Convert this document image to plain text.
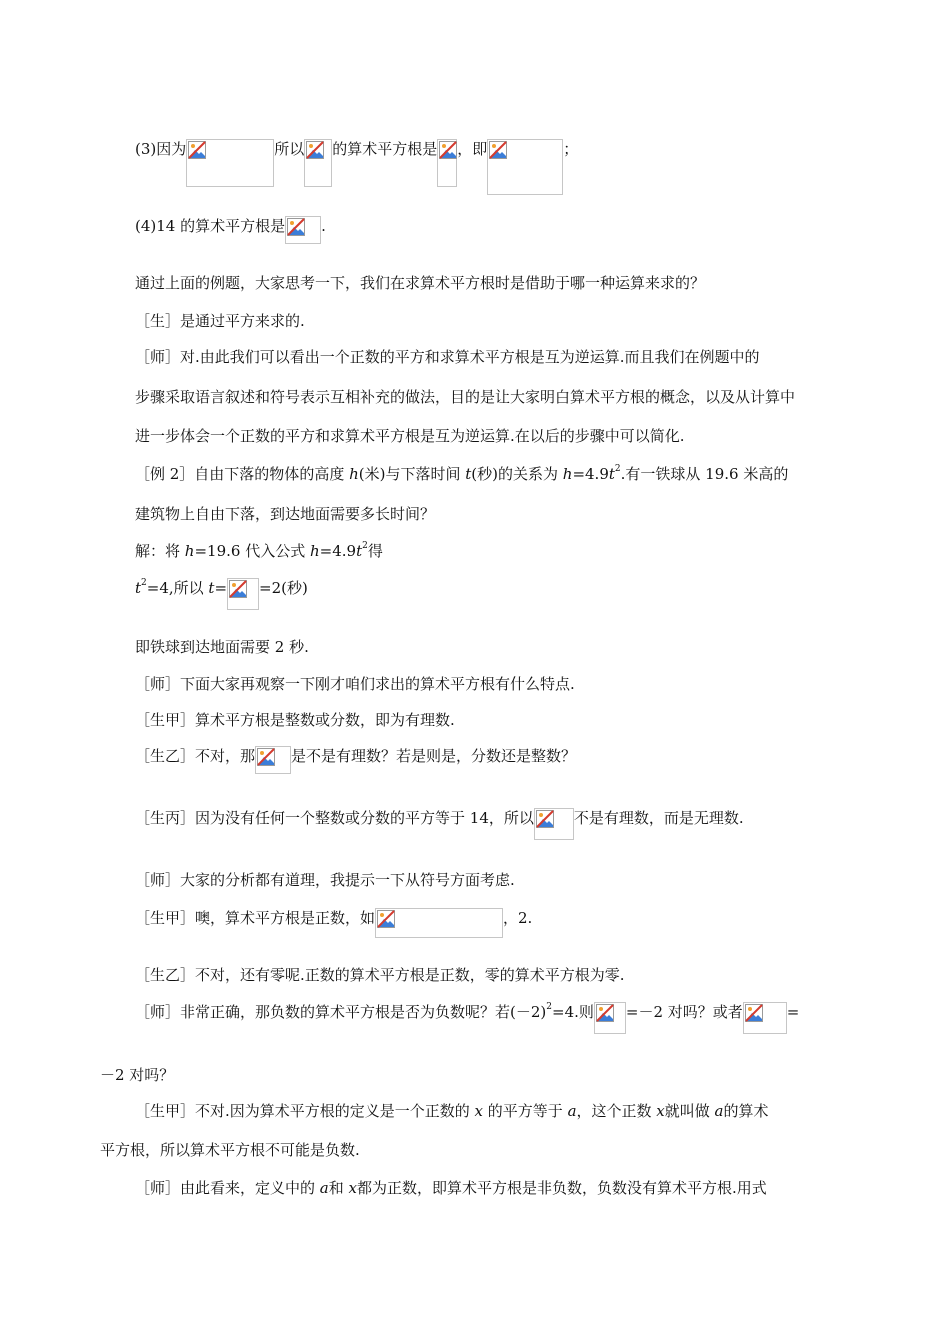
(3)因为	所以 的算术平方根是 ，即	；
(4)14 的算术平方根是 .
通过上面的例题，大家思考一下，我们在求算术平方根时是借助于哪一种运算来求的？
［生］是通过平方来求的.
［师］对.由此我们可以看出一个正数的平方和求算术平方根是互为逆运算.而且我们在例题中的
步骤采取语言叙述和符号表示互相补充的做法，目的是让大家明白算术平方根的概念，以及从计算中
进一步体会一个正数的平方和求算术平方根是互为逆运算.在以后的步骤中可以简化.
［例 2］自由下落的物体的高度 h(米)与下落时间 t(秒)的关系为 $h=4.9t^2$.有一铁球从 19.6 米高的
建筑物上自由下落，到达地面需要多长时间？
解：将 h=19.6 代入公式 $h=4.9t^2$得
$t^2=4$,所以 t= =2(秒)
即铁球到达地面需要 2 秒.
［师］下面大家再观察一下刚才咱们求出的算术平方根有什么特点.
［生甲］算术平方根是整数或分数，即为有理数.
［生乙］不对，那 是不是有理数？若是则是，分数还是整数？
［生丙］因为没有任何一个整数或分数的平方等于 14，所以	不是有理数，而是无理数.
［师］大家的分析都有道理，我提示一下从符号方面考虑.
［生甲］噢，算术平方根是正数，如	，2.
［生乙］不对，还有零呢.正数的算术平方根是正数，零的算术平方根为零.
［师］非常正确，那负数的算术平方根是否为负数呢？若$(-2)^2=4$.则 =－2 对吗？或者	=
－2 对吗？
［生甲］不对.因为算术平方根的定义是一个正数的 x 的平方等于 a，这个正数 x就叫做 a的算术
平方根，所以算术平方根不可能是负数.
［师］由此看来，定义中的 a和 x都为正数，即算术平方根是非负数，负数没有算术平方根.用式
